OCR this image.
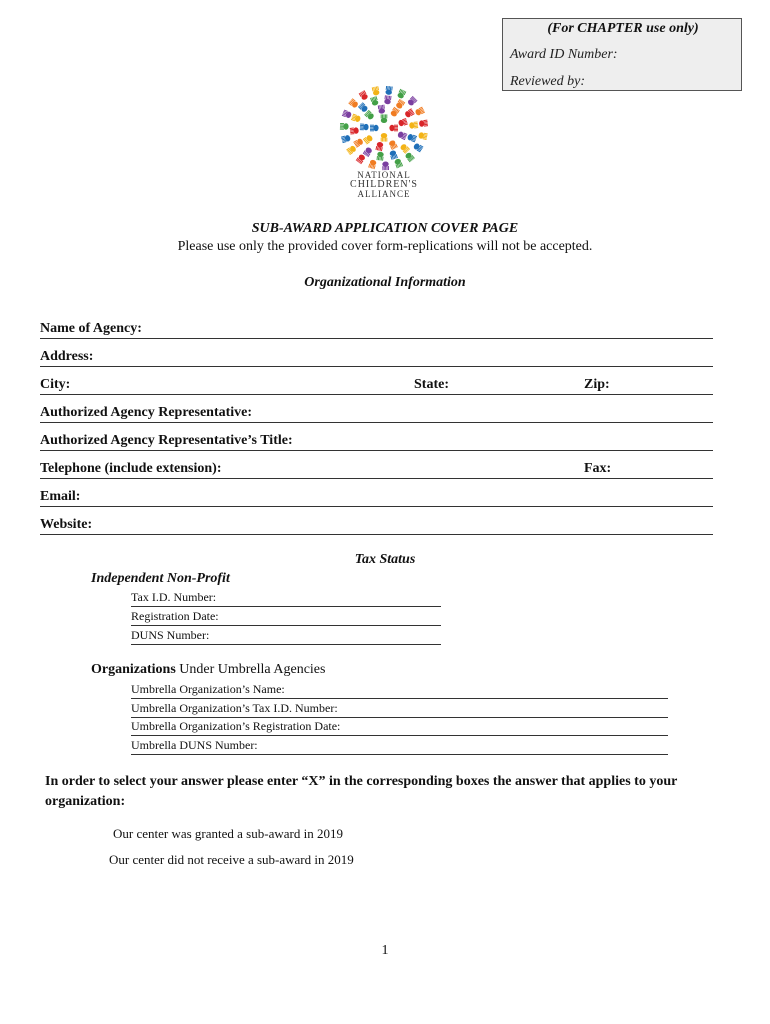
(For CHAPTER use only)
Award ID Number:
Reviewed by:
NATIONAL
CHILDREN'S
ALLIANCE
SUB-AWARD APPLICATION COVER PAGE
Please use only the provided cover form-replications will not be accepted.
Organizational Information
Name of Agency:
Address:
City:	State:	Zip:
Authorized Agency Representative:
Authorized Agency Representative’s Title:
Telephone (include extension):	Fax:
Email:
Website:
Tax Status
Independent Non-Profit
Tax I.D. Number:
Registration Date:
DUNS Number:
Organizations Under Umbrella Agencies
Umbrella Organization’s Name:
Umbrella Organization’s Tax I.D. Number:
Umbrella Organization’s Registration Date:
Umbrella DUNS Number:
In order to select your answer please enter “X” in the corresponding boxes the answer that applies to your organization:
Our center was granted a sub-award in 2019
Our center did not receive a sub-award in 2019
1
